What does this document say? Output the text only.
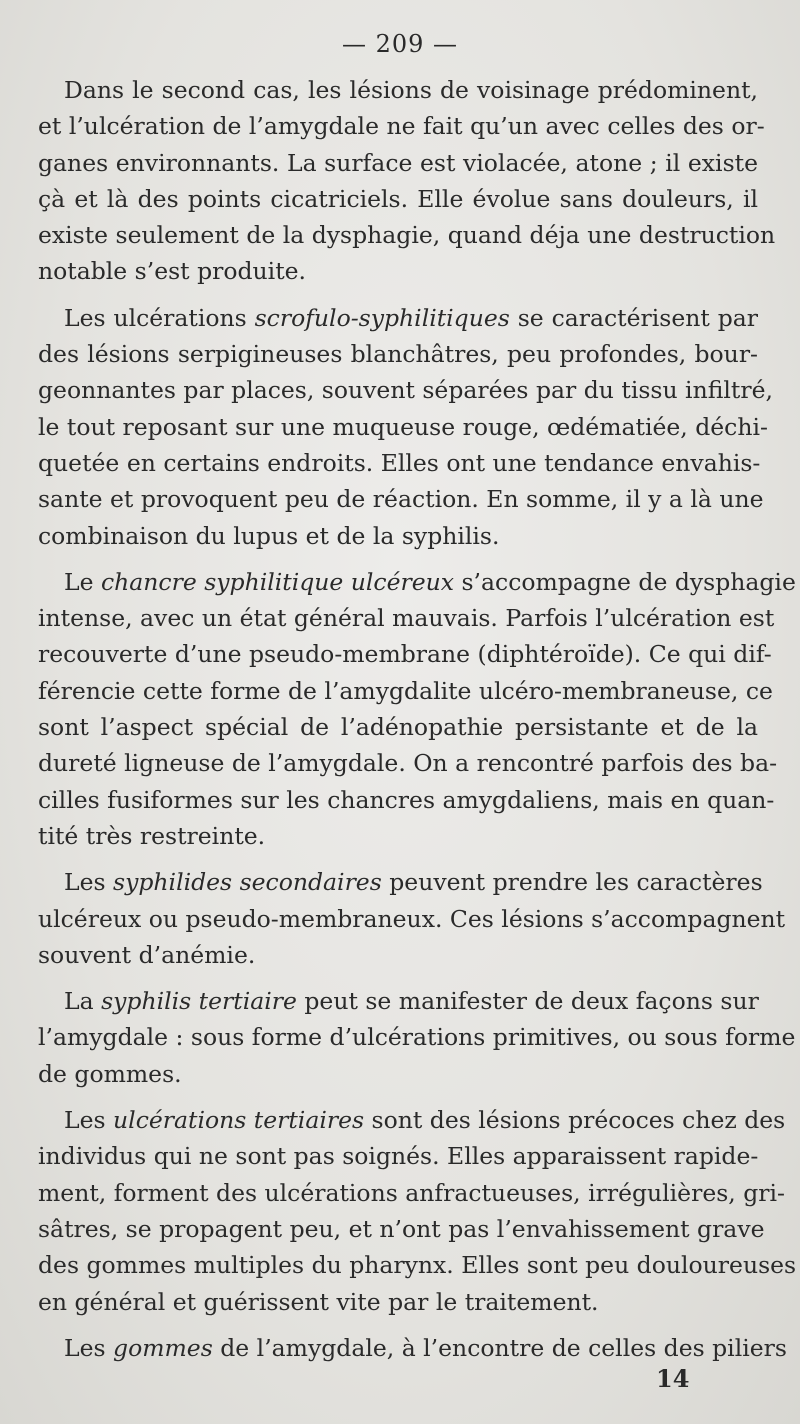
— 209 —
Dans le second cas, les lésions de voisinage prédominent,
et l’ulcération de l’amygdale ne fait qu’un avec celles des or-
ganes environnants. La surface est violacée, atone ; il existe
çà et là des points cicatriciels. Elle évolue sans douleurs, il
existe seulement de la dysphagie, quand déja une destruction
notable s’est produite.
Les ulcérations scrofulo-syphilitiques se caractérisent par
des lésions serpigineuses blanchâtres, peu profondes, bour-
geonnantes par places, souvent séparées par du tissu infiltré,
le tout reposant sur une muqueuse rouge, œdématiée, déchi-
quetée en certains endroits. Elles ont une tendance envahis-
sante et provoquent peu de réaction. En somme, il y a là une
combinaison du lupus et de la syphilis.
Le chancre syphilitique ulcéreux s’accompagne de dysphagie
intense, avec un état général mauvais. Parfois l’ulcération est
recouverte d’une pseudo-membrane (diphtéroïde). Ce qui dif-
férencie cette forme de l’amygdalite ulcéro-membraneuse, ce
sont l’aspect spécial de l’adénopathie persistante et de la
dureté ligneuse de l’amygdale. On a rencontré parfois des ba-
cilles fusiformes sur les chancres amygdaliens, mais en quan-
tité très restreinte.
Les syphilides secondaires peuvent prendre les caractères
ulcéreux ou pseudo-membraneux. Ces lésions s’accompagnent
souvent d’anémie.
La syphilis tertiaire peut se manifester de deux façons sur
l’amygdale : sous forme d’ulcérations primitives, ou sous forme
de gommes.
Les ulcérations tertiaires sont des lésions précoces chez des
individus qui ne sont pas soignés. Elles apparaissent rapide-
ment, forment des ulcérations anfractueuses, irrégulières, gri-
sâtres, se propagent peu, et n’ont pas l’envahissement grave
des gommes multiples du pharynx. Elles sont peu douloureuses
en général et guérissent vite par le traitement.
Les gommes de l’amygdale, à l’encontre de celles des piliers
14
